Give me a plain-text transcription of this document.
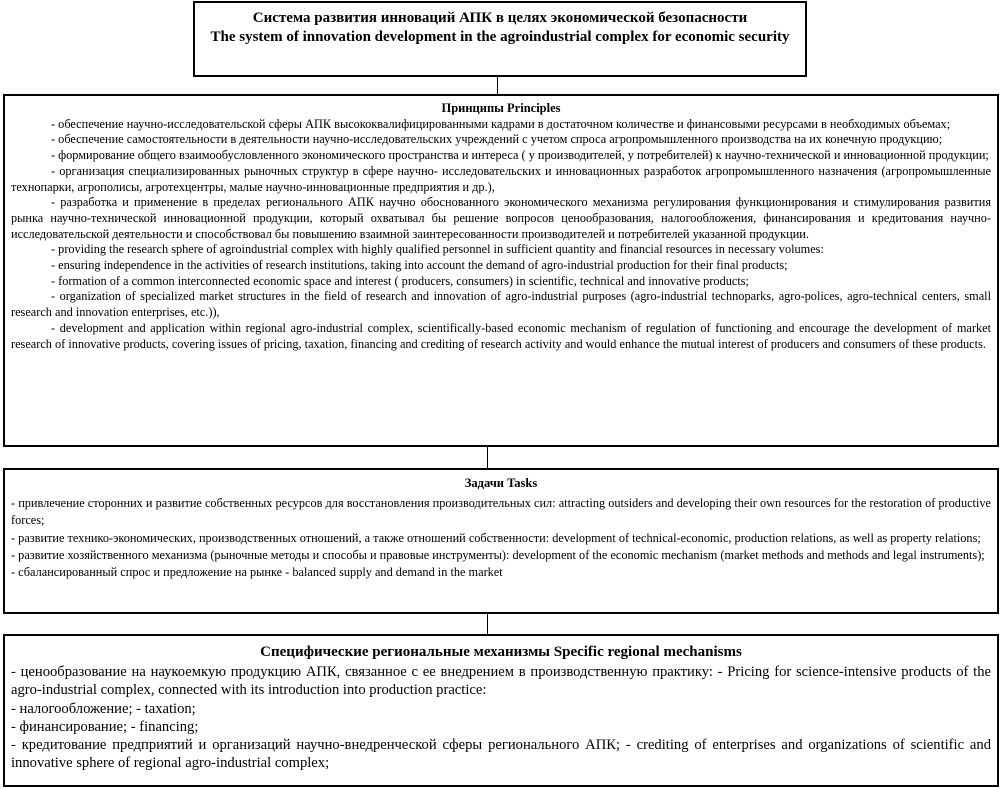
Система развития инноваций АПК в целях экономической безопасности
The system of innovation development in the agroindustrial complex for economic security
Принципы Principles

- обеспечение научно-исследовательской сферы АПК высококвалифицированными кадрами в достаточном количестве и финансовыми ресурсами в необходимых объемах;

- обеспечение самостоятельности в деятельности научно-исследовательских учреждений с учетом спроса агропромышленного производства на их конечную продукцию;

- формирование общего взаимообусловленного экономического пространства и интереса ( у производителей, у потребителей) к научно-технической и инновационной продукции;

- организация специализированных рыночных структур в сфере научно- исследовательских и инновационных разработок агропромышленного назначения (агропромышленные технопарки, агрополисы, агротехцентры, малые научно-инновационные предприятия и др.),

- разработка и применение в пределах регионального АПК научно обоснованного экономического механизма регулирования функционирования и стимулирования развития рынка научно-технической инновационной продукции, который охватывал бы решение вопросов ценообразования, налогообложения, финансирования и кредитования научно-исследовательской деятельности и способствовал бы повышению взаимной заинтересованности производителей и потребителей указанной продукции.

- providing the research sphere of agroindustrial complex with highly qualified personnel in sufficient quantity and financial resources in necessary volumes:

- ensuring independence in the activities of research institutions, taking into account the demand of agro-industrial production for their final products;

- formation of a common interconnected economic space and interest ( producers, consumers) in scientific, technical and innovative products;

- organization of specialized market structures in the field of research and innovation of agro-industrial purposes (agro-industrial technoparks, agro-polices, agro-technical centers, small research and innovation enterprises, etc.)),

- development and application within regional agro-industrial complex, scientifically-based economic mechanism of regulation of functioning and encourage the development of market research of innovative products, covering issues of pricing, taxation, financing and crediting of research activity and would enhance the mutual interest of producers and consumers of these products.

Задачи Tasks

- привлечение сторонних и развитие собственных ресурсов для восстановления производительных сил: attracting outsiders and developing their own resources for the restoration of productive forces;

- развитие технико-экономических, производственных отношений, а также отношений собственности: development of technical-economic, production relations, as well as property relations;

- развитие хозяйственного механизма (рыночные методы и способы и правовые инструменты): development of the economic mechanism (market methods and methods and legal instruments);

- сбалансированный спрос и предложение на рынке - balanced supply and demand in the market

Специфические региональные механизмы Specific regional mechanisms

- ценообразование на наукоемкую продукцию АПК, связанное с ее внедрением в производственную практику: - Pricing for science-intensive products of the agro-industrial complex, connected with its introduction into production practice:

- налогообложение; - taxation;

- финансирование; - financing;

- кредитование предприятий и организаций научно-внедренческой сферы регионального АПК; - crediting of enterprises and organizations of scientific and innovative sphere of regional agro-industrial complex;
